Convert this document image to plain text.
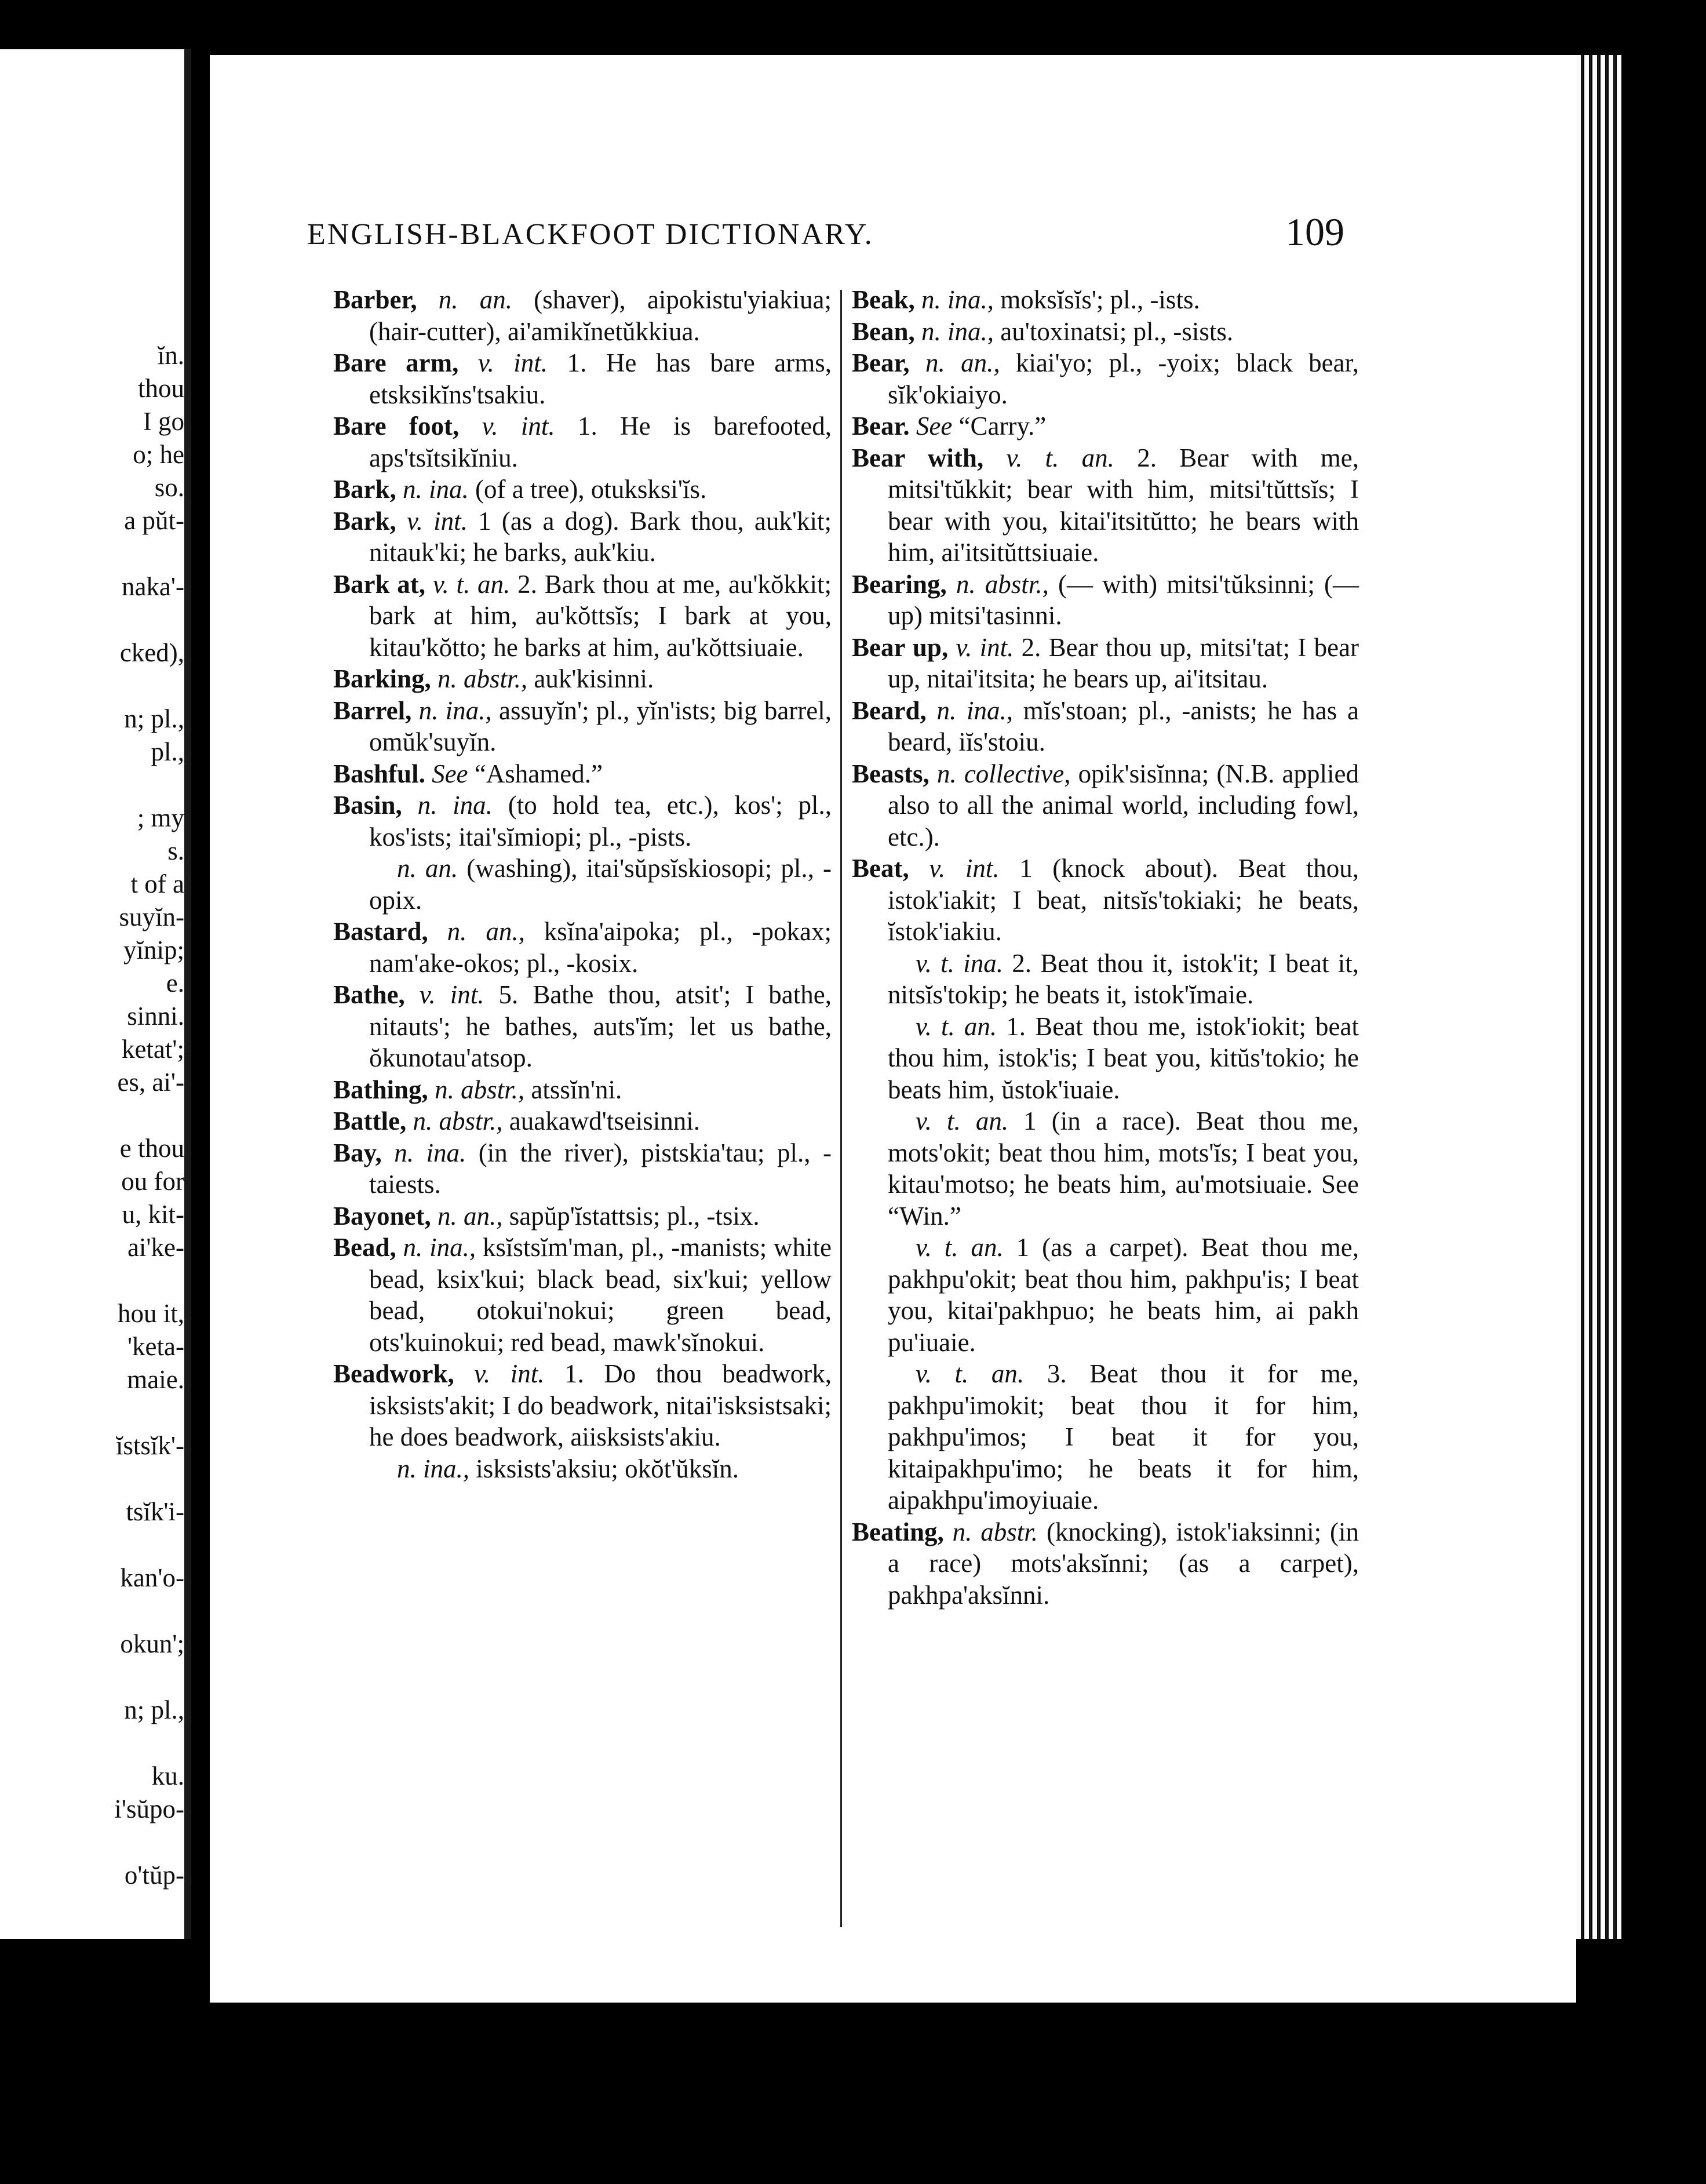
ĭn.
thou
I go
o; he
so.
a pŭt-
naka'-
cked),
n; pl.,
pl.,
; my
s.
t of a
suyĭn-
yĭnip;
e.
sinni.
ketat';
es, ai'-
e thou
ou for
u, kit-
ai'ke-
hou it,
'keta-
maie.
ĭstsĭk'-
tsĭk'i-
kan'o-
okun';
n; pl.,
ku.
i'sŭpo-
o'tŭp-
ENGLISH-BLACKFOOT DICTIONARY.	109

Barber, n. an. (shaver), aipokistu'yiakiua; (hair-cutter), ai'amikĭnetŭkkiua.

Bare arm, v. int. 1. He has bare arms, etsksikĭns'tsakiu.

Bare foot, v. int. 1. He is barefooted, aps'tsĭtsikĭniu.

Bark, n. ina. (of a tree), otuksksi'ĭs.

Bark, v. int. 1 (as a dog). Bark thou, auk'kit; nitauk'ki; he barks, auk'kiu.

Bark at, v. t. an. 2. Bark thou at me, au'kŏkkit; bark at him, au'kŏttsĭs; I bark at you, kitau'kŏtto; he barks at him, au'kŏttsiuaie.

Barking, n. abstr., auk'kisinni.

Barrel, n. ina., assuyĭn'; pl., yĭn'ists; big barrel, omŭk'suyĭn.

Bashful. See “Ashamed.”

Basin, n. ina. (to hold tea, etc.), kos'; pl., kos'ists; itai'sĭmiopi; pl., -pists.

n. an. (washing), itai'sŭpsĭskiosopi; pl., -opix.

Bastard, n. an., ksĭna'aipoka; pl., -pokax; nam'ake-okos; pl., -kosix.

Bathe, v. int. 5. Bathe thou, atsit'; I bathe, nitauts'; he bathes, auts'ĭm; let us bathe, ŏkunotau'atsop.

Bathing, n. abstr., atssĭn'ni.

Battle, n. abstr., auakawd'tseisinni.

Bay, n. ina. (in the river), pistskia'tau; pl., -taiests.

Bayonet, n. an., sapŭp'ĭstattsis; pl., -tsix.

Bead, n. ina., ksĭstsĭm'man, pl., -manists; white bead, ksix'kui; black bead, six'kui; yellow bead, otokui'nokui; green bead, ots'kuinokui; red bead, mawk'sĭnokui.

Beadwork, v. int. 1. Do thou beadwork, isksists'akit; I do beadwork, nitai'isksistsaki; he does beadwork, aiisksists'akiu.

n. ina., isksists'aksiu; okŏt'ŭksĭn.

Beak, n. ina., moksĭsĭs'; pl., -ists.

Bean, n. ina., au'toxinatsi; pl., -sists.

Bear, n. an., kiai'yo; pl., -yoix; black bear, sĭk'okiaiyo.

Bear. See “Carry.”

Bear with, v. t. an. 2. Bear with me, mitsi'tŭkkit; bear with him, mitsi'tŭttsĭs; I bear with you, kitai'itsitŭtto; he bears with him, ai'itsitŭttsiuaie.

Bearing, n. abstr., (— with) mitsi'tŭksinni; (— up) mitsi'tasinni.

Bear up, v. int. 2. Bear thou up, mitsi'tat; I bear up, nitai'itsita; he bears up, ai'itsitau.

Beard, n. ina., mĭs'stoan; pl., -anists; he has a beard, iĭs'stoiu.

Beasts, n. collective, opik'sisĭnna; (N.B. applied also to all the animal world, including fowl, etc.).

Beat, v. int. 1 (knock about). Beat thou, istok'iakit; I beat, nitsĭs'tokiaki; he beats, ĭstok'iakiu.

v. t. ina. 2. Beat thou it, istok'it; I beat it, nitsĭs'tokip; he beats it, istok'ĭmaie.

v. t. an. 1. Beat thou me, istok'iokit; beat thou him, istok'is; I beat you, kitŭs'tokio; he beats him, ŭstok'iuaie.

v. t. an. 1 (in a race). Beat thou me, mots'okit; beat thou him, mots'ĭs; I beat you, kitau'motso; he beats him, au'motsiuaie. See “Win.”

v. t. an. 1 (as a carpet). Beat thou me, pakhpu'okit; beat thou him, pakhpu'is; I beat you, kitai'pakhpuo; he beats him, ai pakh pu'iuaie.

v. t. an. 3. Beat thou it for me, pakhpu'imokit; beat thou it for him, pakhpu'imos; I beat it for you, kitaipakhpu'imo; he beats it for him, aipakhpu'imoyiuaie.

Beating, n. abstr. (knocking), istok'iaksinni; (in a race) mots'aksĭnni; (as a carpet), pakhpa'aksĭnni.
